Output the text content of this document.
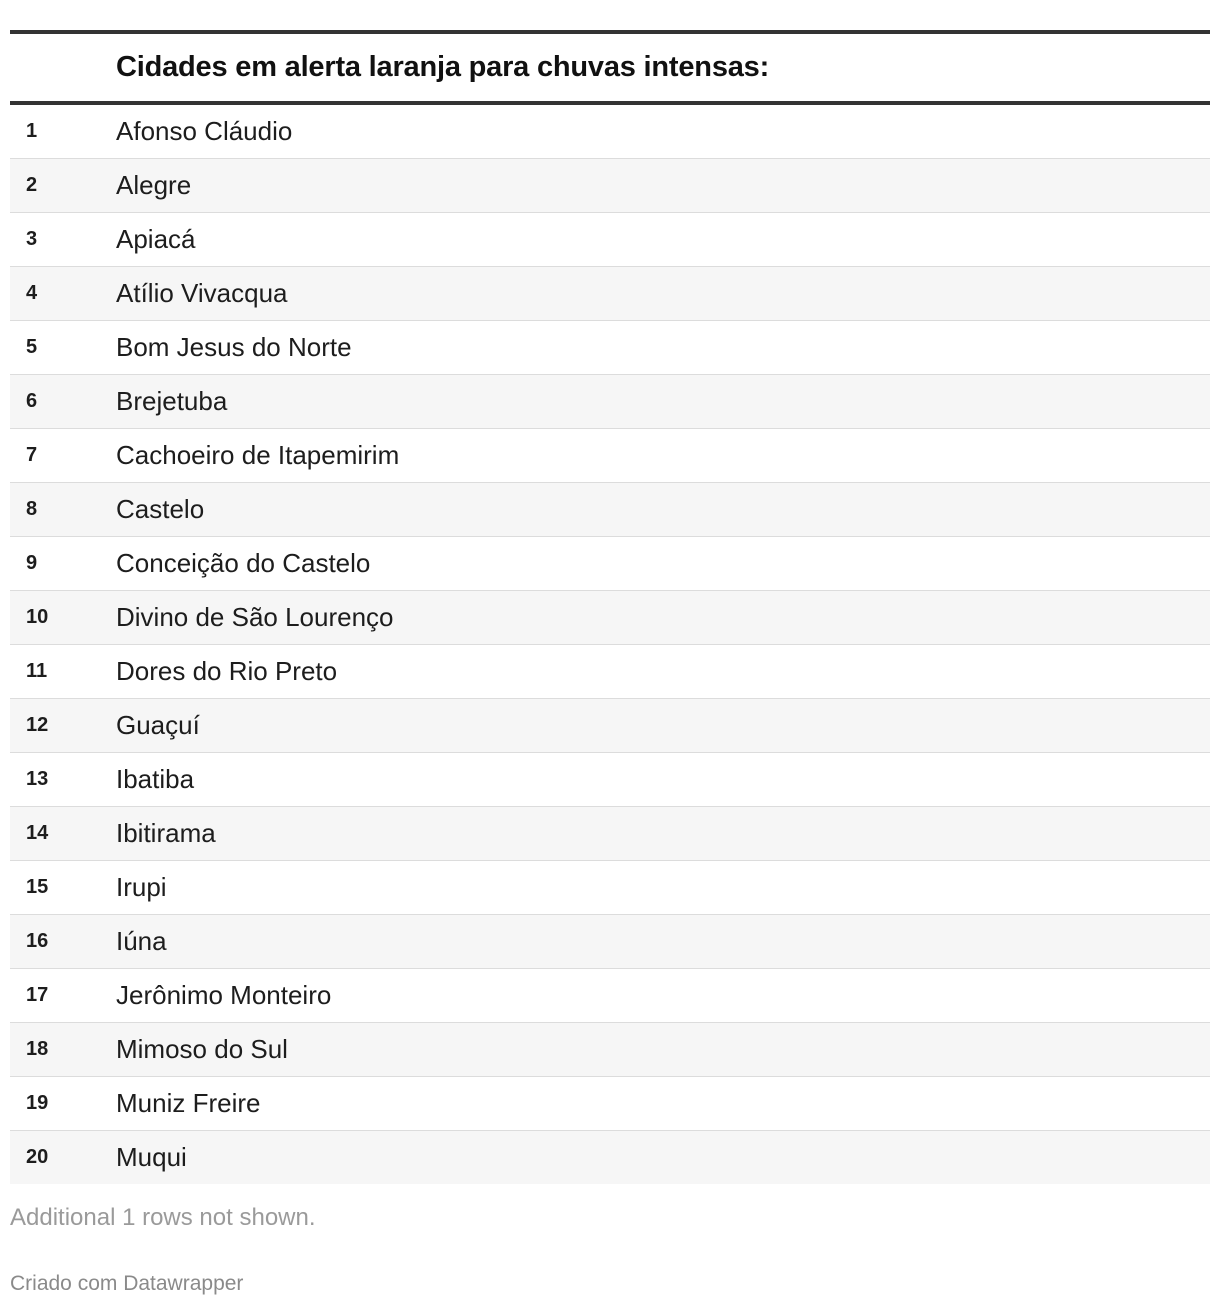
Cidades em alerta laranja para chuvas intensas:
1	Afonso Cláudio
2	Alegre
3	Apiacá
4	Atílio Vivacqua
5	Bom Jesus do Norte
6	Brejetuba
7	Cachoeiro de Itapemirim
8	Castelo
9	Conceição do Castelo
10	Divino de São Lourenço
11	Dores do Rio Preto
12	Guaçuí
13	Ibatiba
14	Ibitirama
15	Irupi
16	Iúna
17	Jerônimo Monteiro
18	Mimoso do Sul
19	Muniz Freire
20	Muqui
Additional 1 rows not shown.
Criado com Datawrapper
